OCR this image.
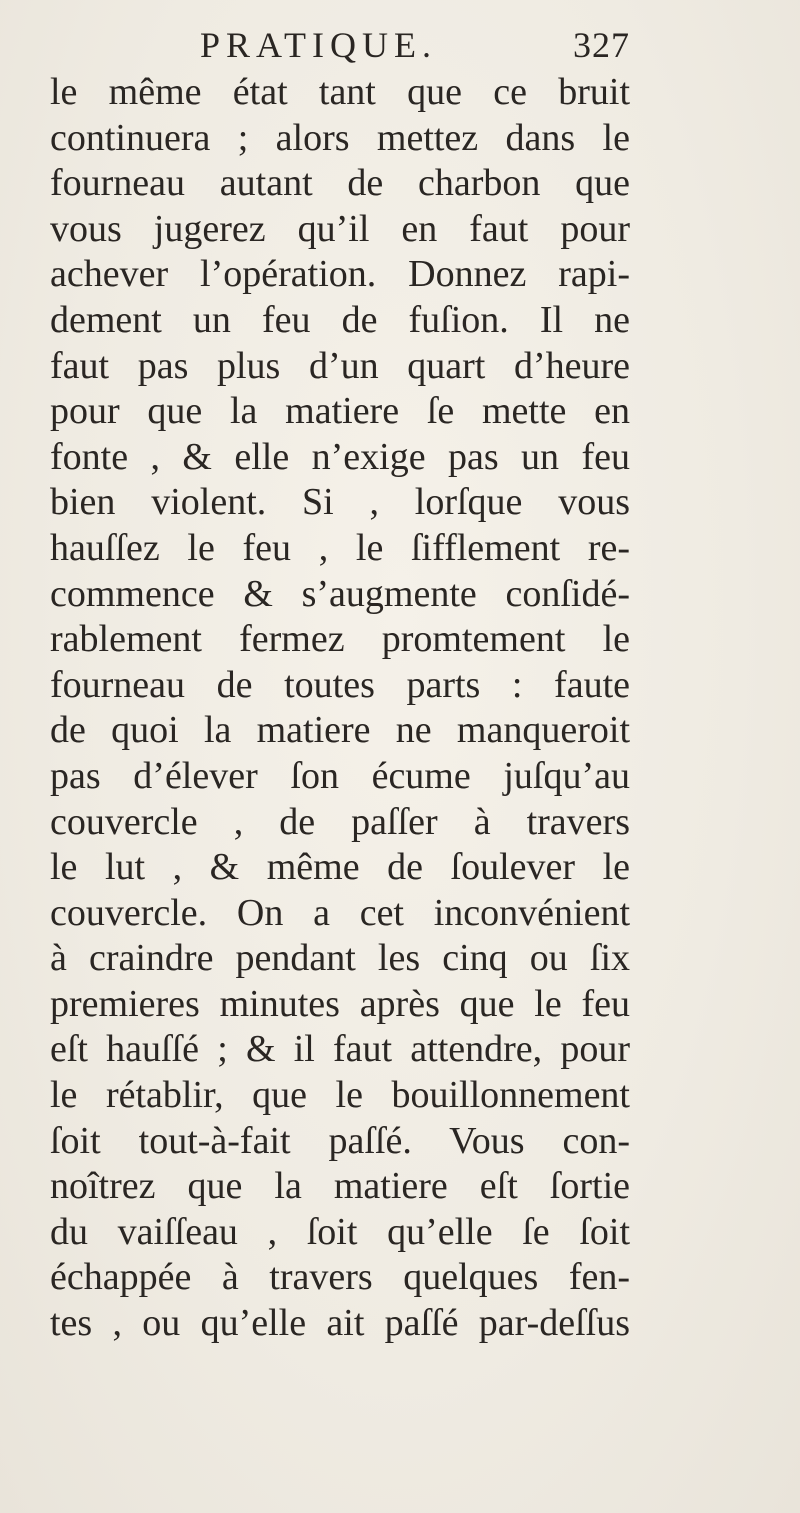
PRATIQUE.	327
le même état tant que ce bruit
continuera ; alors mettez dans le
fourneau autant de charbon que
vous jugerez qu’il en faut pour
achever l’opération. Donnez rapi-
dement un feu de fuſion. Il ne
faut pas plus d’un quart d’heure
pour que la matiere ſe mette en
fonte , & elle n’exige pas un feu
bien violent. Si , lorſque vous
hauſſez le feu , le ſifflement re-
commence & s’augmente conſidé-
rablement fermez promtement le
fourneau de toutes parts : faute
de quoi la matiere ne manqueroit
pas d’élever ſon écume juſqu’au
couvercle , de paſſer à travers
le lut , & même de ſoulever le
couvercle. On a cet inconvénient
à craindre pendant les cinq ou ſix
premieres minutes après que le feu
eſt hauſſé ; & il faut attendre, pour
le rétablir, que le bouillonnement
ſoit tout-à-fait paſſé. Vous con-
noîtrez que la matiere eſt ſortie
du vaiſſeau , ſoit qu’elle ſe ſoit
échappée à travers quelques fen-
tes , ou qu’elle ait paſſé par-deſſus
